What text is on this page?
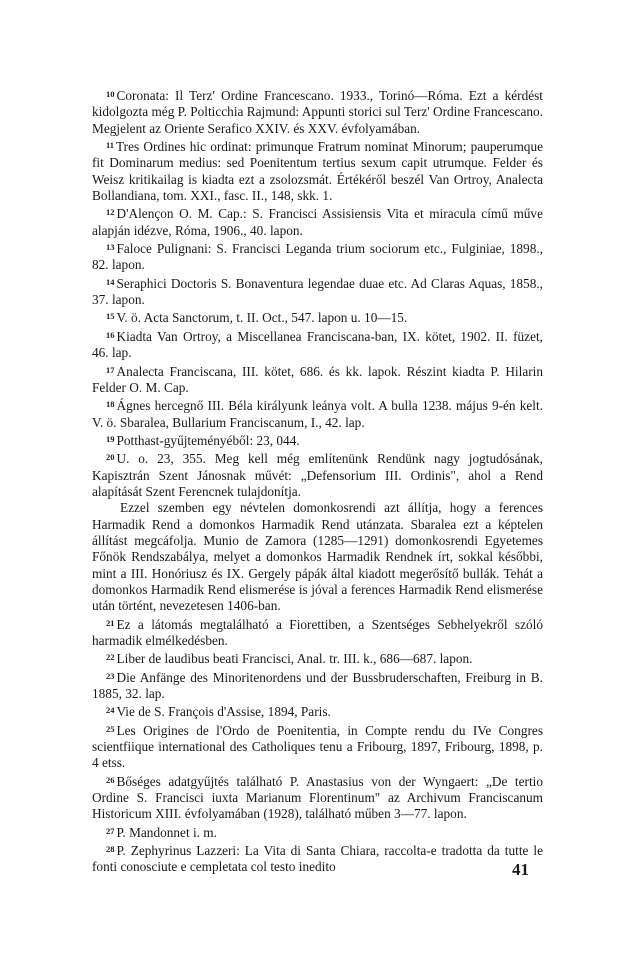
$^{10}$ Coronata: Il Terz' Ordine Francescano. 1933., Torinó—Róma. Ezt a kérdést kidolgozta még P. Polticchia Rajmund: Appunti storici sul Terz' Ordine Francescano. Megjelent az Oriente Serafico XXIV. és XXV. évfolyamában.

$^{11}$ Tres Ordines hic ordinat: primunque Fratrum nominat Minorum; pauperumque fit Dominarum medius: sed Poenitentum tertius sexum capit utrumque. Felder és Weisz kritikailag is kiadta ezt a zsolozsmát. Értékéről beszél Van Ortroy, Analecta Bollandiana, tom. XXI., fasc. II., 148, skk. 1.

$^{12}$ D'Alençon O. M. Cap.: S. Francisci Assisiensis Vita et miracula című műve alapján idézve, Róma, 1906., 40. lapon.

$^{13}$ Faloce Pulignani: S. Francisci Leganda trium sociorum etc., Fulginiae, 1898., 82. lapon.

$^{14}$ Seraphici Doctoris S. Bonaventura legendae duae etc. Ad Claras Aquas, 1858., 37. lapon.

$^{15}$ V. ö. Acta Sanctorum, t. II. Oct., 547. lapon u. 10—15.

$^{16}$ Kiadta Van Ortroy, a Miscellanea Franciscana-ban, IX. kötet, 1902. II. füzet, 46. lap.

$^{17}$ Analecta Franciscana, III. kötet, 686. és kk. lapok. Részint kiadta P. Hilarin Felder O. M. Cap.

$^{18}$ Ágnes hercegnő III. Béla királyunk leánya volt. A bulla 1238. május 9-én kelt. V. ö. Sbaralea, Bullarium Franciscanum, I., 42. lap.

$^{19}$ Potthast-gyűjteményéből: 23, 044.

$^{20}$ U. o. 23, 355. Meg kell még említenünk Rendünk nagy jogtudósának, Kapisztrán Szent Jánosnak művét: „Defensorium III. Ordinis", ahol a Rend alapítását Szent Ferencnek tulajdonítja.

Ezzel szemben egy névtelen domonkosrendi azt állítja, hogy a ferences Harmadik Rend a domonkos Harmadik Rend utánzata. Sbaralea ezt a képtelen állítást megcáfolja. Munio de Zamora (1285—1291) domonkosrendi Egyetemes Főnök Rendszabálya, melyet a domonkos Harmadik Rendnek írt, sokkal későbbi, mint a III. Honóriusz és IX. Gergely pápák által kiadott megerősítő bullák. Tehát a domonkos Harmadik Rend elismerése is jóval a ferences Harmadik Rend elismerése után történt, nevezetesen 1406-ban.

$^{21}$ Ez a látomás megtalálható a Fiorettiben, a Szentséges Sebhelyekről szóló harmadik elmélkedésben.

$^{22}$ Liber de laudibus beati Francisci, Anal. tr. III. k., 686—687. lapon.

$^{23}$ Die Anfänge des Minoritenordens und der Bussbruderschaften, Freiburg in B. 1885, 32. lap.

$^{24}$ Vie de S. François d'Assise, 1894, Paris.

$^{25}$ Les Origines de l'Ordo de Poenitentia, in Compte rendu du IVe Congres scientfiique international des Catholiques tenu a Fribourg, 1897, Fribourg, 1898, p. 4 etss.

$^{26}$ Bőséges adatgyűjtés található P. Anastasius von der Wyngaert: „De tertio Ordine S. Francisci iuxta Marianum Florentinum" az Archivum Franciscanum Historicum XIII. évfolyamában (1928), található műben 3—77. lapon.

$^{27}$ P. Mandonnet i. m.

$^{28}$ P. Zephyrinus Lazzeri: La Vita di Santa Chiara, raccolta-e tradotta da tutte le fonti conosciute e cempletata col testo inedito	41
